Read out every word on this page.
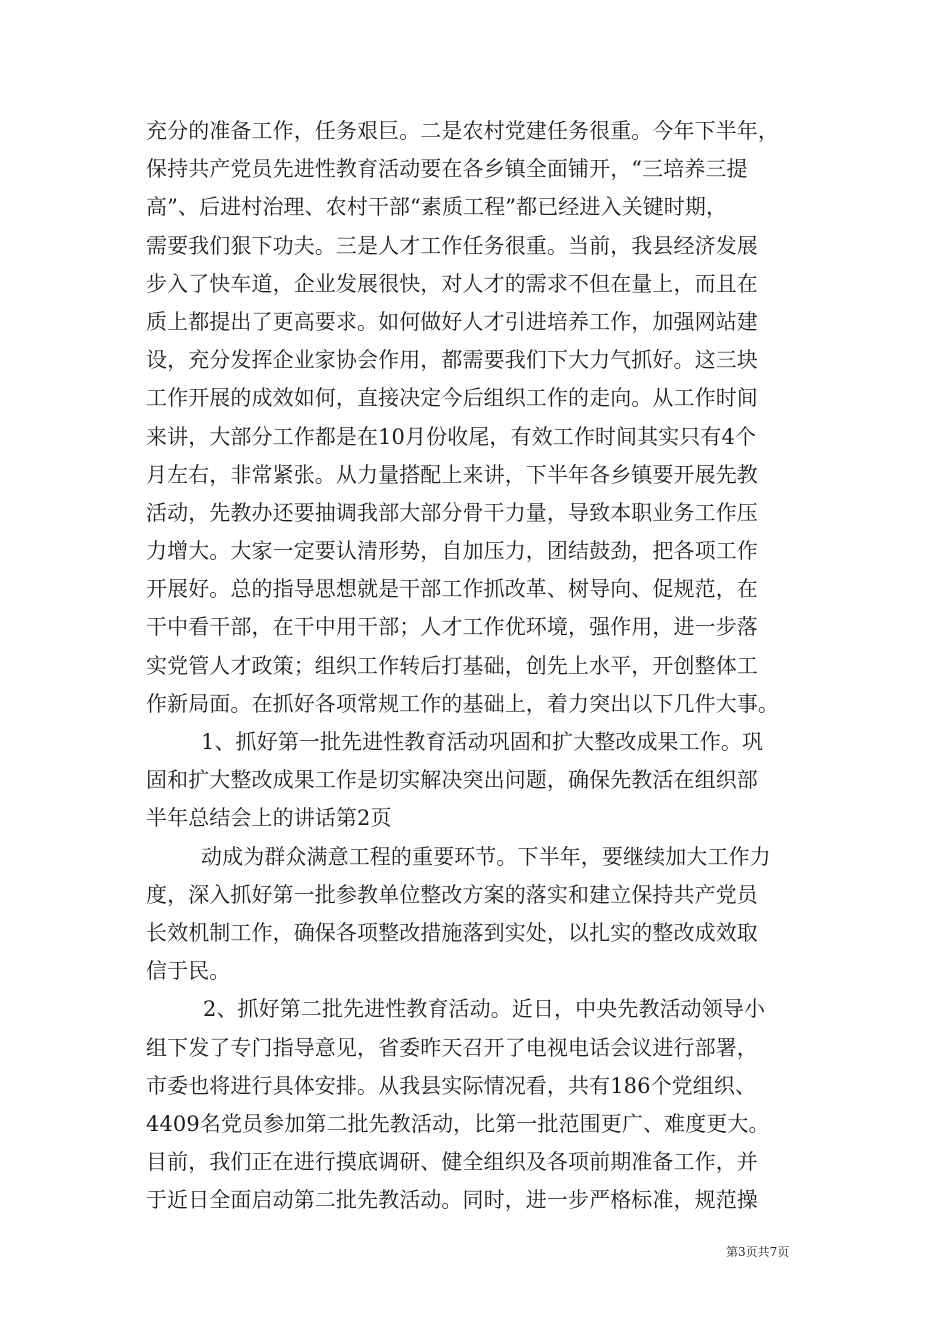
充分的准备工作，任务艰巨。二是农村党建任务很重。今年下半年，
保持共产党员先进性教育活动要在各乡镇全面铺开，“三培养三提
高”、后进村治理、农村干部“素质工程”都已经进入关键时期，
需要我们狠下功夫。三是人才工作任务很重。当前，我县经济发展
步入了快车道，企业发展很快，对人才的需求不但在量上，而且在
质上都提出了更高要求。如何做好人才引进培养工作，加强网站建
设，充分发挥企业家协会作用，都需要我们下大力气抓好。这三块
工作开展的成效如何，直接决定今后组织工作的走向。从工作时间
来讲，大部分工作都是在10月份收尾，有效工作时间其实只有4个
月左右，非常紧张。从力量搭配上来讲，下半年各乡镇要开展先教
活动，先教办还要抽调我部大部分骨干力量，导致本职业务工作压
力增大。大家一定要认清形势，自加压力，团结鼓劲，把各项工作
开展好。总的指导思想就是干部工作抓改革、树导向、促规范，在
干中看干部，在干中用干部；人才工作优环境，强作用，进一步落
实党管人才政策；组织工作转后打基础，创先上水平，开创整体工
作新局面。在抓好各项常规工作的基础上，着力突出以下几件大事。
1、抓好第一批先进性教育活动巩固和扩大整改成果工作。巩
固和扩大整改成果工作是切实解决突出问题，确保先教活在组织部
半年总结会上的讲话第2页
动成为群众满意工程的重要环节。下半年，要继续加大工作力
度，深入抓好第一批参教单位整改方案的落实和建立保持共产党员
长效机制工作，确保各项整改措施落到实处，以扎实的整改成效取
信于民。
2、抓好第二批先进性教育活动。近日，中央先教活动领导小
组下发了专门指导意见，省委昨天召开了电视电话会议进行部署，
市委也将进行具体安排。从我县实际情况看，共有186个党组织、
4409名党员参加第二批先教活动，比第一批范围更广、难度更大。
目前，我们正在进行摸底调研、健全组织及各项前期准备工作，并
于近日全面启动第二批先教活动。同时，进一步严格标准，规范操
第3页共7页
